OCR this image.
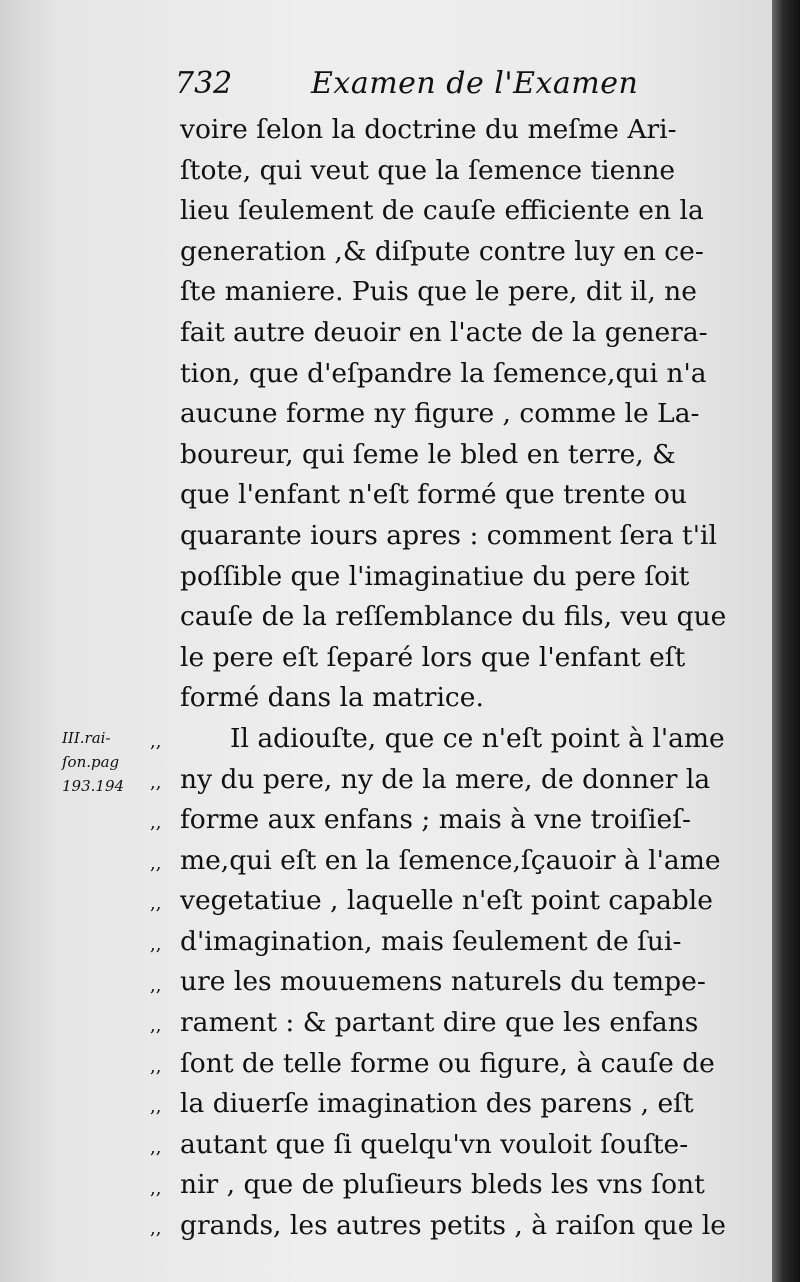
732	Examen de l'Examen
III.rai-
ſon.pag
193.194
,,
,,
,,
,,
,,
,,
,,
,,
,,
,,
,,
,,
,,
voire ſelon la doctrine du meſme Ari-
ſtote, qui veut que la ſemence tienne
lieu ſeulement de cauſe efficiente en la
generation ,& diſpute contre luy en ce-
ſte maniere. Puis que le pere, dit il, ne
fait autre deuoir en l'acte de la genera-
tion, que d'eſpandre la ſemence,qui n'a
aucune forme ny figure , comme le La-
boureur, qui ſeme le bled en terre, &
que l'enfant n'eſt formé que trente ou
quarante iours apres : comment ſera t'il
poſſible que l'imaginatiue du pere ſoit
cauſe de la reſſemblance du fils, veu que
le pere eſt ſeparé lors que l'enfant eſt
formé dans la matrice.
Il adiouſte, que ce n'eſt point à l'ame
ny du pere, ny de la mere, de donner la
forme aux enfans ; mais à vne troiſieſ-
me,qui eſt en la ſemence,ſçauoir à l'ame
vegetatiue , laquelle n'eſt point capable
d'imagination, mais ſeulement de ſui-
ure les mouuemens naturels du tempe-
rament : & partant dire que les enfans
ſont de telle forme ou figure, à cauſe de
la diuerſe imagination des parens , eſt
autant que ſi quelqu'vn vouloit ſouſte-
nir , que de pluſieurs bleds les vns ſont
grands, les autres petits , à raiſon que le
